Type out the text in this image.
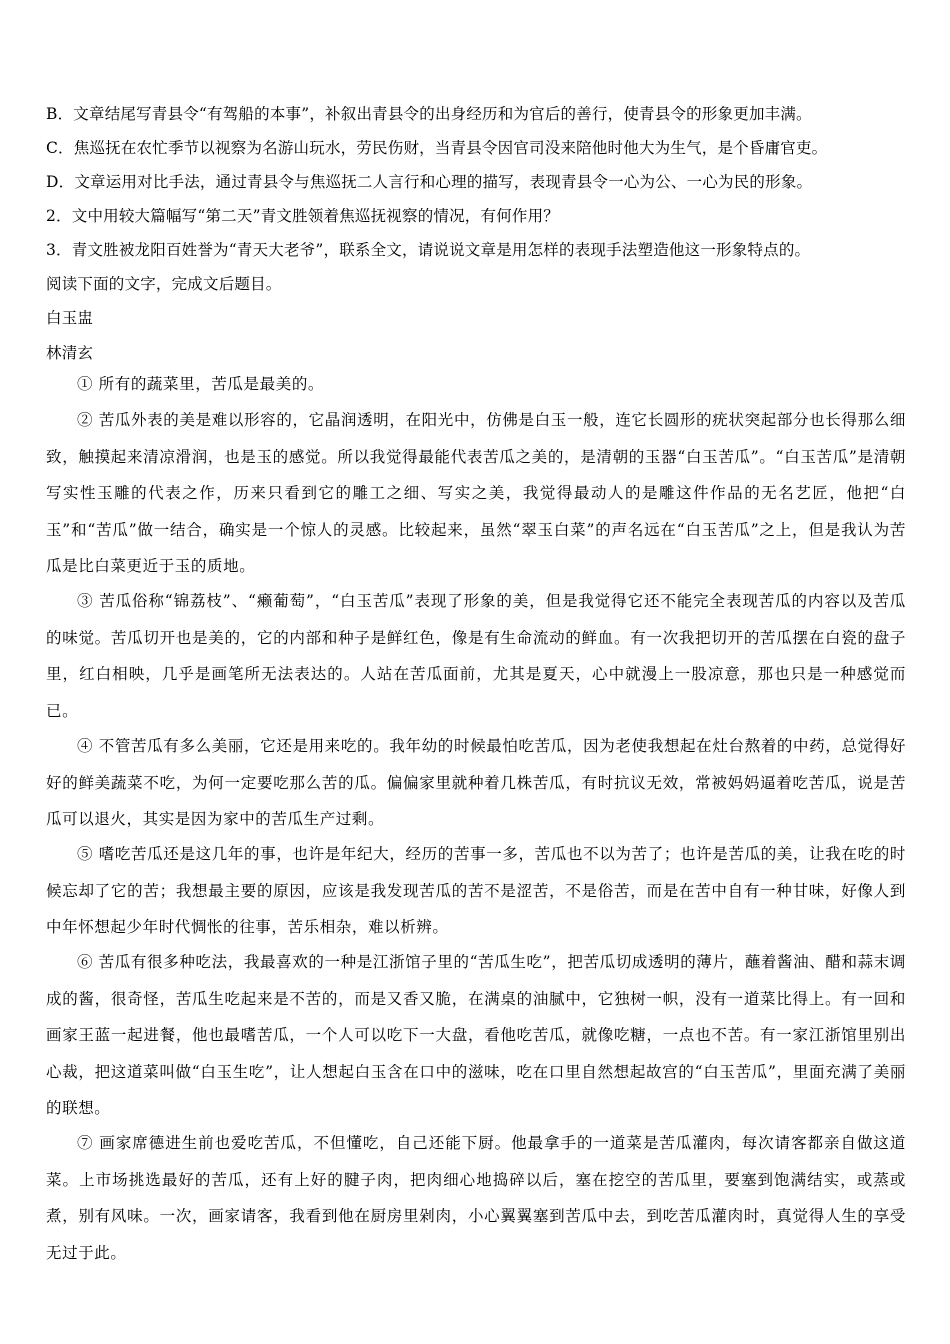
B．文章结尾写青县令“有驾船的本事”，补叙出青县令的出身经历和为官后的善行，使青县令的形象更加丰满。
C．焦巡抚在农忙季节以视察为名游山玩水，劳民伤财，当青县令因官司没来陪他时他大为生气，是个昏庸官吏。
D．文章运用对比手法，通过青县令与焦巡抚二人言行和心理的描写，表现青县令一心为公、一心为民的形象。
2．文中用较大篇幅写“第二天”青文胜领着焦巡抚视察的情况，有何作用？
3．青文胜被龙阳百姓誉为“青天大老爷”，联系全文，请说说文章是用怎样的表现手法塑造他这一形象特点的。
阅读下面的文字，完成文后题目。
白玉盅
林清玄
① 所有的蔬菜里，苦瓜是最美的。
② 苦瓜外表的美是难以形容的，它晶润透明，在阳光中，仿佛是白玉一般，连它长圆形的疣状突起部分也长得那么细致，触摸起来清凉滑润，也是玉的感觉。所以我觉得最能代表苦瓜之美的，是清朝的玉器“白玉苦瓜”。“白玉苦瓜”是清朝写实性玉雕的代表之作，历来只看到它的雕工之细、写实之美，我觉得最动人的是雕这件作品的无名艺匠，他把“白玉”和“苦瓜”做一结合，确实是一个惊人的灵感。比较起来，虽然“翠玉白菜”的声名远在“白玉苦瓜”之上，但是我认为苦瓜是比白菜更近于玉的质地。
③ 苦瓜俗称“锦荔枝”、“癞葡萄”，“白玉苦瓜”表现了形象的美，但是我觉得它还不能完全表现苦瓜的内容以及苦瓜的味觉。苦瓜切开也是美的，它的内部和种子是鲜红色，像是有生命流动的鲜血。有一次我把切开的苦瓜摆在白瓷的盘子里，红白相映，几乎是画笔所无法表达的。人站在苦瓜面前，尤其是夏天，心中就漫上一股凉意，那也只是一种感觉而已。
④ 不管苦瓜有多么美丽，它还是用来吃的。我年幼的时候最怕吃苦瓜，因为老使我想起在灶台熬着的中药，总觉得好好的鲜美蔬菜不吃，为何一定要吃那么苦的瓜。偏偏家里就种着几株苦瓜，有时抗议无效，常被妈妈逼着吃苦瓜，说是苦瓜可以退火，其实是因为家中的苦瓜生产过剩。
⑤ 嗜吃苦瓜还是这几年的事，也许是年纪大，经历的苦事一多，苦瓜也不以为苦了；也许是苦瓜的美，让我在吃的时候忘却了它的苦；我想最主要的原因，应该是我发现苦瓜的苦不是涩苦，不是俗苦，而是在苦中自有一种甘味，好像人到中年怀想起少年时代惆怅的往事，苦乐相杂，难以析辨。
⑥ 苦瓜有很多种吃法，我最喜欢的一种是江浙馆子里的“苦瓜生吃”，把苦瓜切成透明的薄片，蘸着酱油、醋和蒜末调成的酱，很奇怪，苦瓜生吃起来是不苦的，而是又香又脆，在满桌的油腻中，它独树一帜，没有一道菜比得上。有一回和画家王蓝一起进餐，他也最嗜苦瓜，一个人可以吃下一大盘，看他吃苦瓜，就像吃糖，一点也不苦。有一家江浙馆里别出心裁，把这道菜叫做“白玉生吃”，让人想起白玉含在口中的滋味，吃在口里自然想起故宫的“白玉苦瓜”，里面充满了美丽的联想。
⑦ 画家席德进生前也爱吃苦瓜，不但懂吃，自己还能下厨。他最拿手的一道菜是苦瓜灌肉，每次请客都亲自做这道菜。上市场挑选最好的苦瓜，还有上好的腱子肉，把肉细心地捣碎以后，塞在挖空的苦瓜里，要塞到饱满结实，或蒸或煮，别有风味。一次，画家请客，我看到他在厨房里剁肉，小心翼翼塞到苦瓜中去，到吃苦瓜灌肉时，真觉得人生的享受无过于此。
